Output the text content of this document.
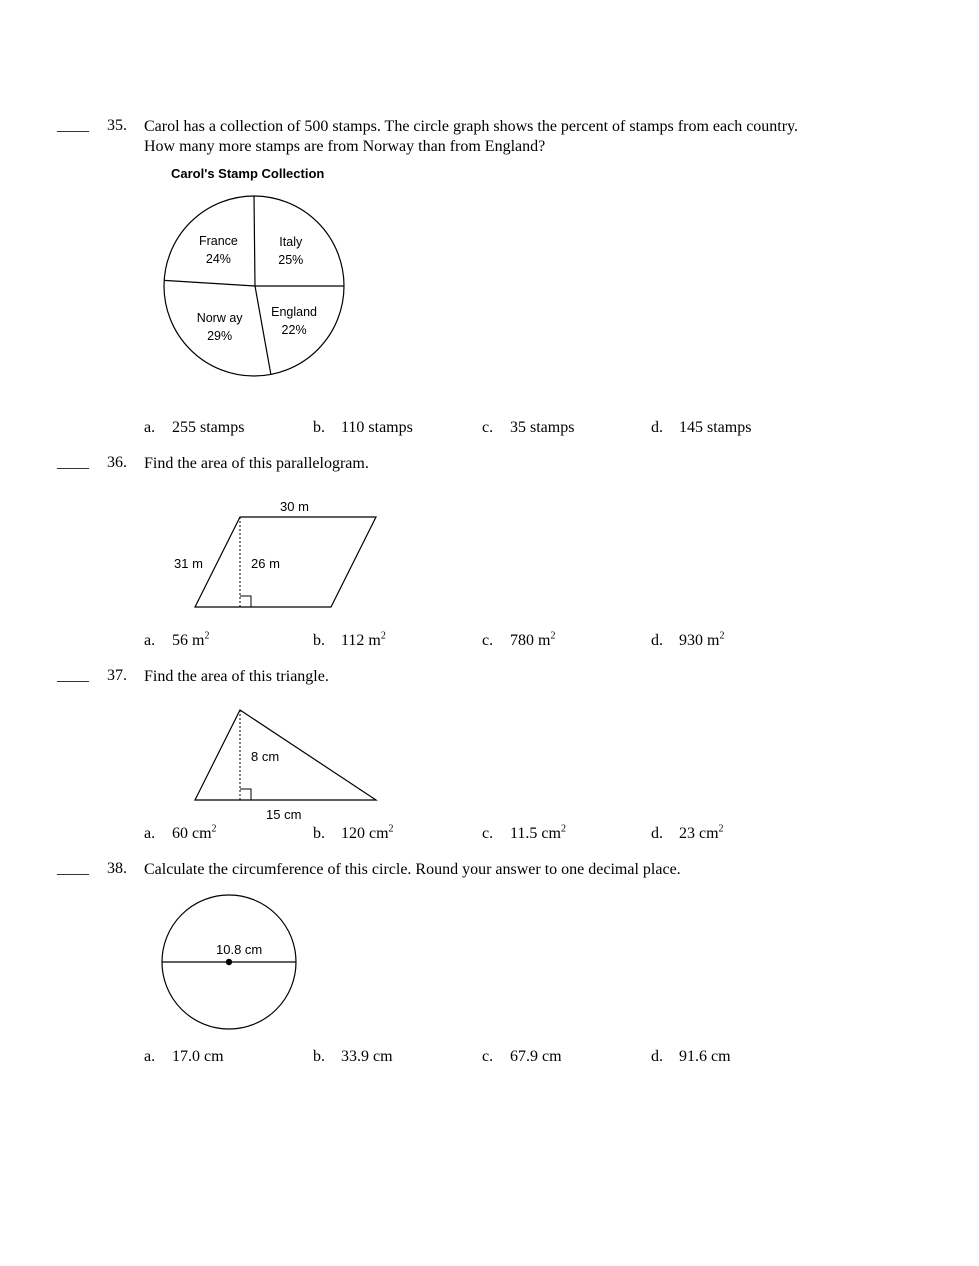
____ 35. Carol has a collection of 500 stamps. The circle graph shows the percent of stamps from each country.
How many more stamps are from Norway than from England?
Carol's Stamp Collection
France
24%
Italy
25%
Norw ay
29%
England
22%
a. 255 stamps	b. 110 stamps	c. 35 stamps	d. 145 stamps
____ 36. Find the area of this parallelogram.
30 m
31 m	26 m
a. 56 $m^2$	b. 112 $m^2$	c. 780 $m^2$	d. 930 $m^2$
____ 37. Find the area of this triangle.
8 cm
15 cm
a. 60 $cm^2$	b. 120 $cm^2$	c. 11.5 $cm^2$	d. 23 $cm^2$
____ 38. Calculate the circumference of this circle. Round your answer to one decimal place.
10.8 cm
a. 17.0 cm	b. 33.9 cm	c. 67.9 cm	d. 91.6 cm
